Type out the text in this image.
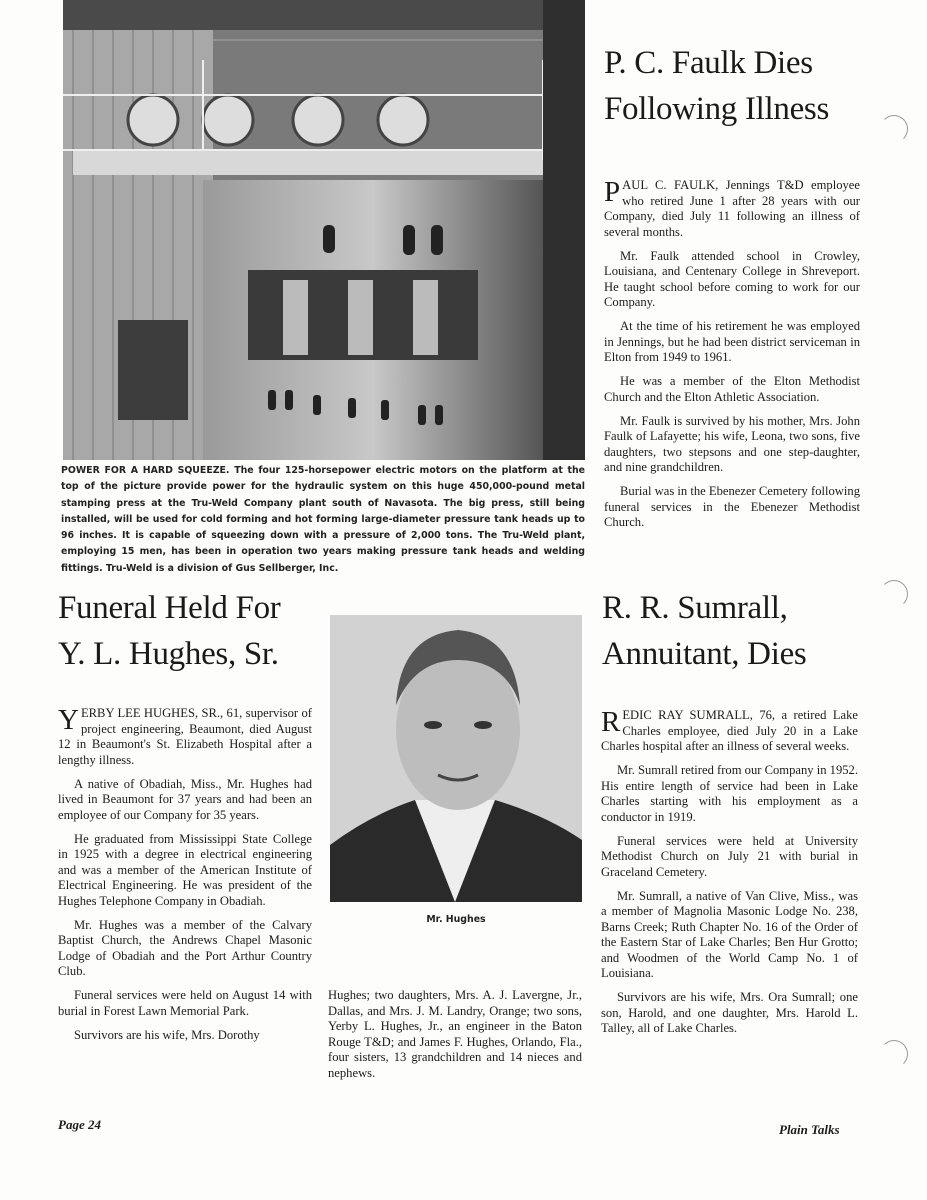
POWER FOR A HARD SQUEEZE. The four 125-horsepower electric motors on the platform at the top of the picture provide power for the hydraulic system on this huge 450,000-pound metal stamping press at the Tru-Weld Company plant south of Navasota. The big press, still being installed, will be used for cold forming and hot forming large-diameter pressure tank heads up to 96 inches. It is capable of squeezing down with a pressure of 2,000 tons. The Tru-Weld plant, employing 15 men, has been in operation two years making pressure tank heads and welding fittings. Tru-Weld is a division of Gus Sellberger, Inc.
P. C. Faulk Dies
Following Illness

PAUL C. FAULK, Jennings T&D employee who retired June 1 after 28 years with our Company, died July 11 following an illness of several months.

Mr. Faulk attended school in Crowley, Louisiana, and Centenary College in Shreveport. He taught school before coming to work for our Company.

At the time of his retirement he was employed in Jennings, but he had been district serviceman in Elton from 1949 to 1961.

He was a member of the Elton Methodist Church and the Elton Athletic Association.

Mr. Faulk is survived by his mother, Mrs. John Faulk of Lafayette; his wife, Leona, two sons, five daughters, two stepsons and one step-daughter, and nine grandchildren.

Burial was in the Ebenezer Cemetery following funeral services in the Ebenezer Methodist Church.

Funeral Held For
Y. L. Hughes, Sr.

YERBY LEE HUGHES, SR., 61, supervisor of project engineering, Beaumont, died August 12 in Beaumont's St. Elizabeth Hospital after a lengthy illness.

A native of Obadiah, Miss., Mr. Hughes had lived in Beaumont for 37 years and had been an employee of our Company for 35 years.

He graduated from Mississippi State College in 1925 with a degree in electrical engineering and was a member of the American Institute of Electrical Engineering. He was president of the Hughes Telephone Company in Obadiah.

Mr. Hughes was a member of the Calvary Baptist Church, the Andrews Chapel Masonic Lodge of Obadiah and the Port Arthur Country Club.

Funeral services were held on August 14 with burial in Forest Lawn Memorial Park.

Survivors are his wife, Mrs. Dorothy

Mr. Hughes

Hughes; two daughters, Mrs. A. J. Lavergne, Jr., Dallas, and Mrs. J. M. Landry, Orange; two sons, Yerby L. Hughes, Jr., an engineer in the Baton Rouge T&D; and James F. Hughes, Orlando, Fla., four sisters, 13 grandchildren and 14 nieces and nephews.

R. R. Sumrall,
Annuitant, Dies

REDIC RAY SUMRALL, 76, a retired Lake Charles employee, died July 20 in a Lake Charles hospital after an illness of several weeks.

Mr. Sumrall retired from our Company in 1952. His entire length of service had been in Lake Charles starting with his employment as a conductor in 1919.

Funeral services were held at University Methodist Church on July 21 with burial in Graceland Cemetery.

Mr. Sumrall, a native of Van Clive, Miss., was a member of Magnolia Masonic Lodge No. 238, Barns Creek; Ruth Chapter No. 16 of the Order of the Eastern Star of Lake Charles; Ben Hur Grotto; and Woodmen of the World Camp No. 1 of Louisiana.

Survivors are his wife, Mrs. Ora Sumrall; one son, Harold, and one daughter, Mrs. Harold L. Talley, all of Lake Charles.

Page 24	Plain Talks
